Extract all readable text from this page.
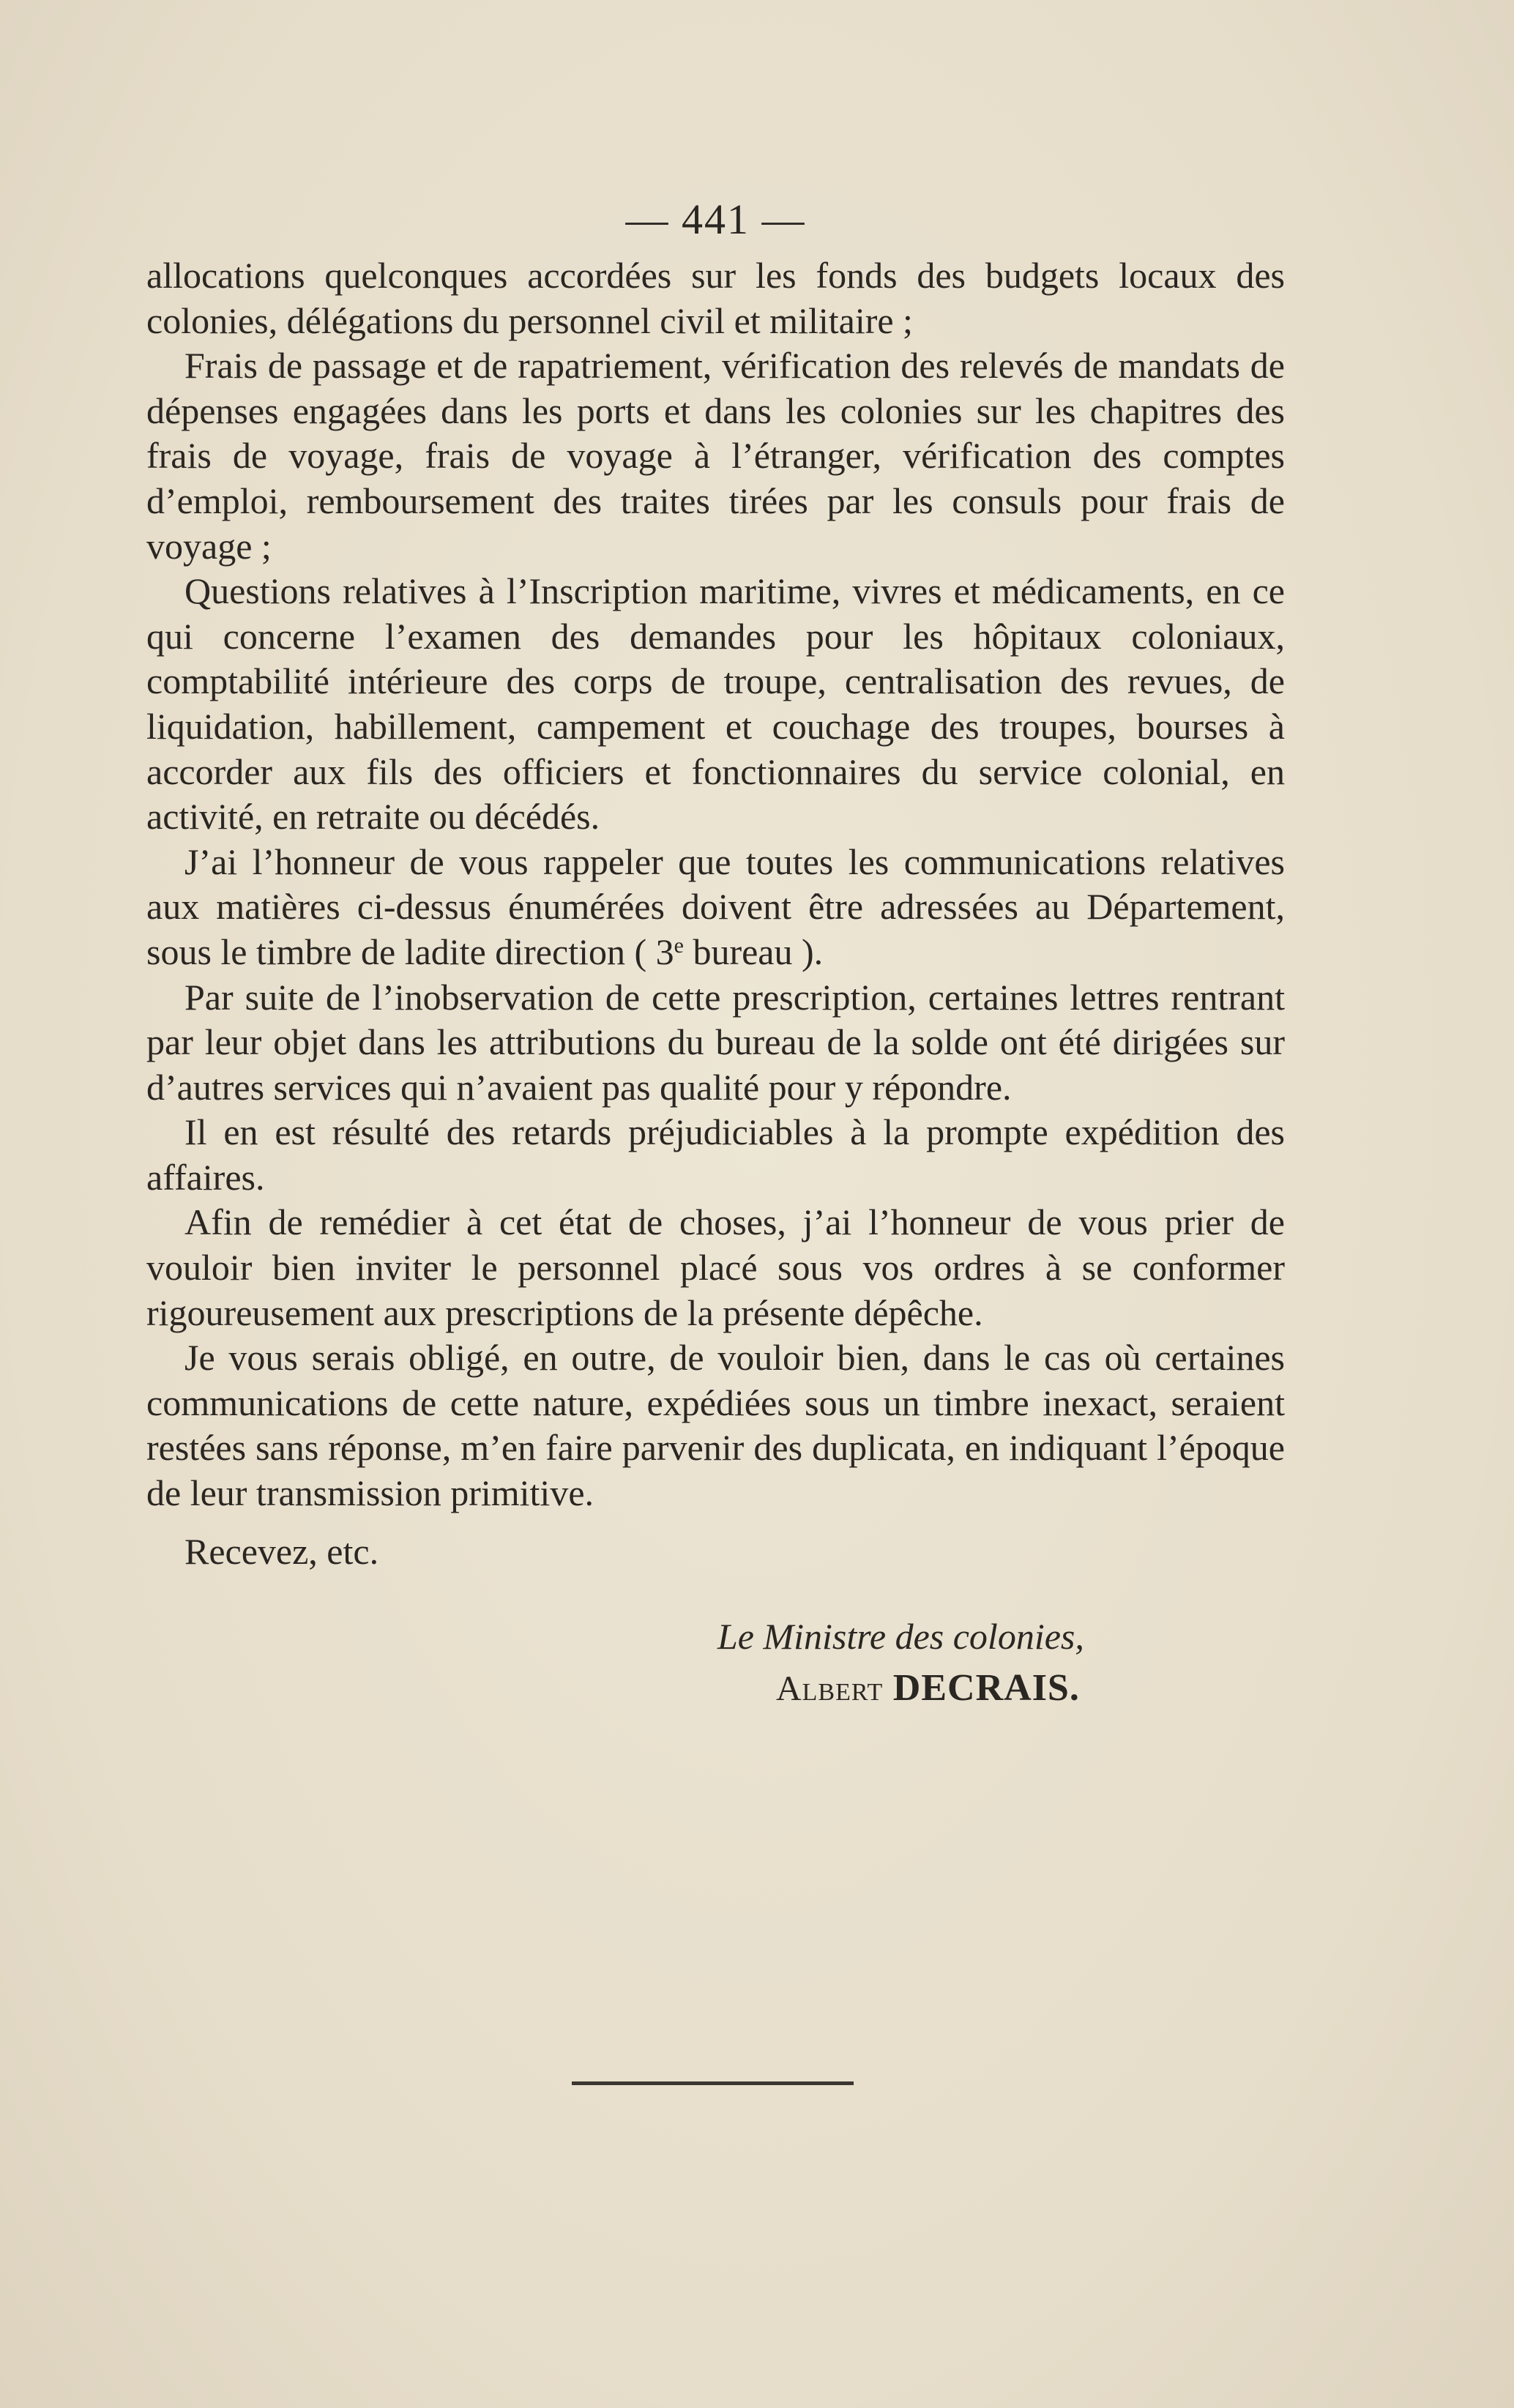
— 441 —

allocations quelconques accordées sur les fonds des budgets locaux des colonies, délégations du personnel civil et militaire ;

Frais de passage et de rapatriement, vérification des relevés de mandats de dépenses engagées dans les ports et dans les colonies sur les chapitres des frais de voyage, frais de voyage à l’étranger, vérification des comptes d’emploi, remboursement des traites tirées par les consuls pour frais de voyage ;

Questions relatives à l’Inscription maritime, vivres et médicaments, en ce qui concerne l’examen des demandes pour les hôpitaux coloniaux, comptabilité intérieure des corps de troupe, centralisation des revues, de liquidation, habillement, campement et couchage des troupes, bourses à accorder aux fils des officiers et fonctionnaires du service colonial, en activité, en retraite ou décédés.

J’ai l’honneur de vous rappeler que toutes les communications relatives aux matières ci-dessus énumérées doivent être adressées au Département, sous le timbre de ladite direction ( 3e bureau ).

Par suite de l’inobservation de cette prescription, certaines lettres rentrant par leur objet dans les attributions du bureau de la solde ont été dirigées sur d’autres services qui n’avaient pas qualité pour y répondre.

Il en est résulté des retards préjudiciables à la prompte expédition des affaires.

Afin de remédier à cet état de choses, j’ai l’honneur de vous prier de vouloir bien inviter le personnel placé sous vos ordres à se conformer rigoureusement aux prescriptions de la présente dépêche.

Je vous serais obligé, en outre, de vouloir bien, dans le cas où certaines communications de cette nature, expédiées sous un timbre inexact, seraient restées sans réponse, m’en faire parvenir des duplicata, en indiquant l’époque de leur transmission primitive.

Recevez, etc.

Le Ministre des colonies,
Albert DECRAIS.
